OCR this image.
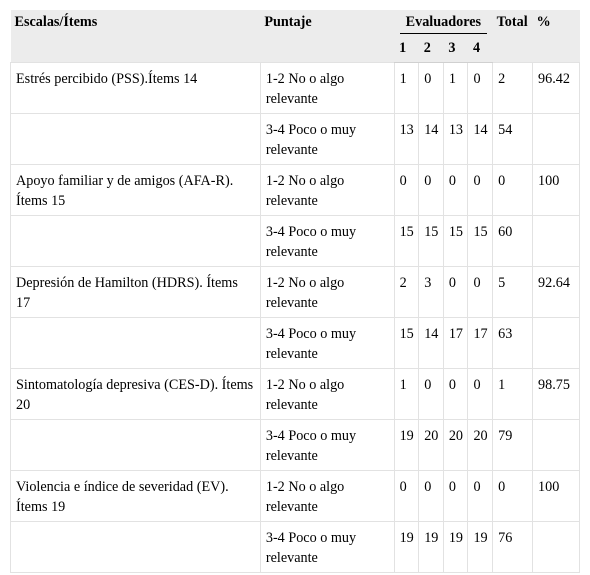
Escalas/Ítems	Puntaje	Evaluadores				Total	%
		1	2	3	4		
Estrés percibido (PSS).Ítems 14	1-2 No o algo relevante	1	0	1	0	2	96.42
	3-4 Poco o muy relevante	13	14	13	14	54	
Apoyo familiar y de amigos (AFA-R). Ítems 15	1-2 No o algo relevante	0	0	0	0	0	100
	3-4 Poco o muy relevante	15	15	15	15	60	
Depresión de Hamilton (HDRS). Ítems 17	1-2 No o algo relevante	2	3	0	0	5	92.64
	3-4 Poco o muy relevante	15	14	17	17	63	
Sintomatología depresiva (CES-D). Ítems 20	1-2 No o algo relevante	1	0	0	0	1	98.75
	3-4 Poco o muy relevante	19	20	20	20	79	
Violencia e índice de severidad (EV). Ítems 19	1-2 No o algo relevante	0	0	0	0	0	100
	3-4 Poco o muy relevante	19	19	19	19	76	
